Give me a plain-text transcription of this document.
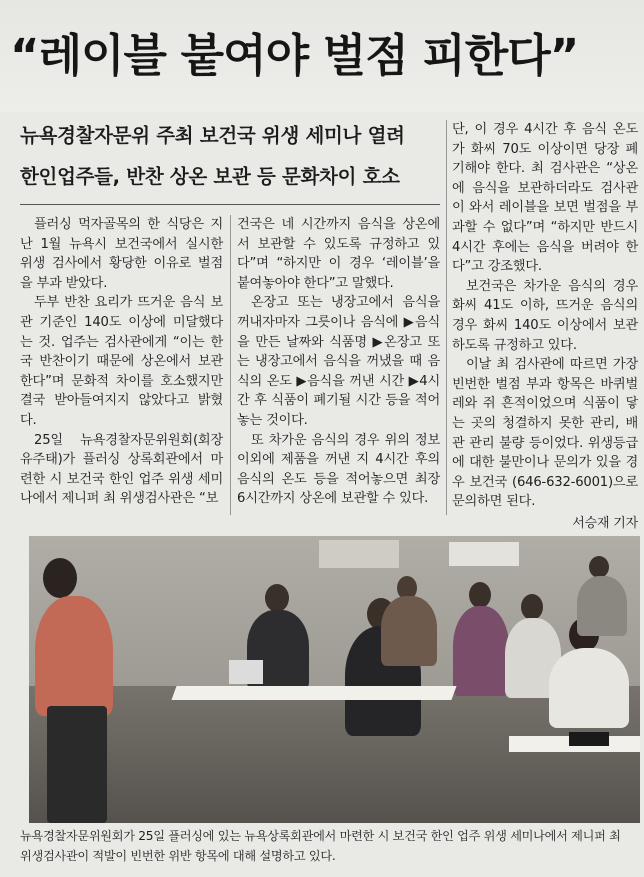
“레이블 붙여야 벌점 피한다”
뉴욕경찰자문위 주최 보건국 위생 세미나 열려
한인업주들, 반찬 상온 보관 등 문화차이 호소

플러싱 먹자골목의 한 식당은 지난 1월 뉴욕시 보건국에서 실시한 위생 검사에서 황당한 이유로 벌점을 부과 받았다.

두부 반찬 요리가 뜨거운 음식 보관 기준인 140도 이상에 미달했다는 것. 업주는 검사관에게 “이는 한국 반찬이기 때문에 상온에서 보관한다”며 문화적 차이를 호소했지만 결국 받아들여지지 않았다고 밝혔다.

25일 뉴욕경찰자문위원회(회장 유주태)가 플러싱 상록회관에서 마련한 시 보건국 한인 업주 위생 세미나에서 제니퍼 최 위생검사관은 “보

건국은 네 시간까지 음식을 상온에서 보관할 수 있도록 규정하고 있다”며 “하지만 이 경우 ‘레이블’을 붙여놓아야 한다”고 말했다.

온장고 또는 냉장고에서 음식을 꺼내자마자 그릇이나 음식에 ▶음식을 만든 날짜와 식품명 ▶온장고 또는 냉장고에서 음식을 꺼냈을 때 음식의 온도 ▶음식을 꺼낸 시간 ▶4시간 후 식품이 폐기될 시간 등을 적어놓는 것이다.

또 차가운 음식의 경우 위의 정보 이외에 제품을 꺼낸 지 4시간 후의 음식의 온도 등을 적어놓으면 최장 6시간까지 상온에 보관할 수 있다.

단, 이 경우 4시간 후 음식 온도가 화씨 70도 이상이면 당장 폐기해야 한다. 최 검사관은 “상온에 음식을 보관하더라도 검사관이 와서 레이블을 보면 벌점을 부과할 수 없다”며 “하지만 반드시 4시간 후에는 음식을 버려야 한다”고 강조했다.

보건국은 차가운 음식의 경우 화씨 41도 이하, 뜨거운 음식의 경우 화씨 140도 이상에서 보관하도록 규정하고 있다.

이날 최 검사관에 따르면 가장 빈번한 벌점 부과 항목은 바퀴벌레와 쥐 흔적이었으며 식품이 닿는 곳의 청결하지 못한 관리, 배관 관리 불량 등이었다. 위생등급에 대한 불만이나 문의가 있을 경우 보건국 (646-632-6001)으로 문의하면 된다.

서승재 기자
뉴욕경찰자문위원회가 25일 플러싱에 있는 뉴욕상록회관에서 마련한 시 보건국 한인 업주 위생 세미나에서 제니퍼 최 위생검사관이 적발이 빈번한 위반 항목에 대해 설명하고 있다.
